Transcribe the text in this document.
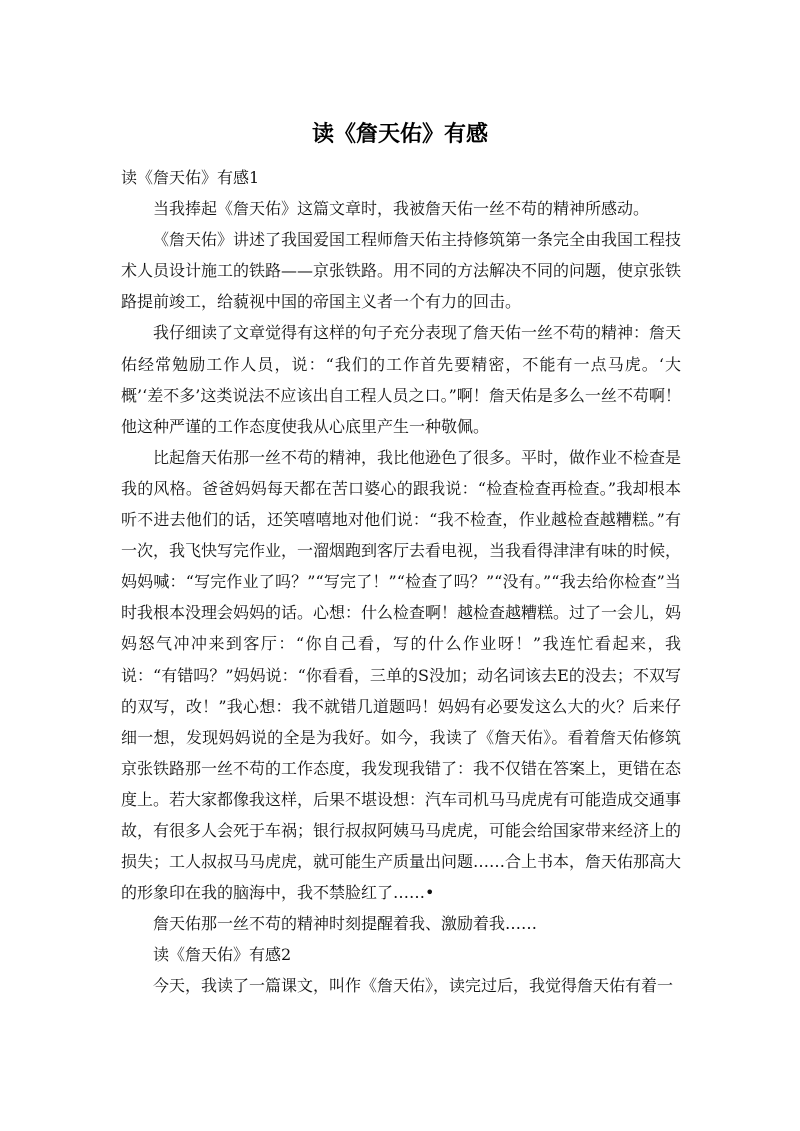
读《詹天佑》有感

读《詹天佑》有感1

当我捧起《詹天佑》这篇文章时，我被詹天佑一丝不苟的精神所感动。

《詹天佑》讲述了我国爱国工程师詹天佑主持修筑第一条完全由我国工程技术人员设计施工的铁路——京张铁路。用不同的方法解决不同的问题，使京张铁路提前竣工，给藐视中国的帝国主义者一个有力的回击。

我仔细读了文章觉得有这样的句子充分表现了詹天佑一丝不苟的精神：詹天佑经常勉励工作人员，说：“我们的工作首先要精密，不能有一点马虎。‘大概’‘差不多’这类说法不应该出自工程人员之口。”啊！詹天佑是多么一丝不苟啊！他这种严谨的工作态度使我从心底里产生一种敬佩。

比起詹天佑那一丝不苟的精神，我比他逊色了很多。平时，做作业不检查是我的风格。爸爸妈妈每天都在苦口婆心的跟我说：“检查检查再检查。”我却根本听不进去他们的话，还笑嘻嘻地对他们说：“我不检查，作业越检查越糟糕。”有一次，我飞快写完作业，一溜烟跑到客厅去看电视，当我看得津津有味的时候，妈妈喊：“写完作业了吗？”“写完了！”“检查了吗？”“没有。”“我去给你检查”当时我根本没理会妈妈的话。心想：什么检查啊！越检查越糟糕。过了一会儿，妈妈怒气冲冲来到客厅：“你自己看，写的什么作业呀！”我连忙看起来，我说：“有错吗？”妈妈说：“你看看，三单的S没加；动名词该去E的没去；不双写的双写，改！”我心想：我不就错几道题吗！妈妈有必要发这么大的火？后来仔细一想，发现妈妈说的全是为我好。如今，我读了《詹天佑》。看着詹天佑修筑京张铁路那一丝不苟的工作态度，我发现我错了：我不仅错在答案上，更错在态度上。若大家都像我这样，后果不堪设想：汽车司机马马虎虎有可能造成交通事故，有很多人会死于车祸；银行叔叔阿姨马马虎虎，可能会给国家带来经济上的损失；工人叔叔马马虎虎，就可能生产质量出问题……合上书本，詹天佑那高大的形象印在我的脑海中，我不禁脸红了……•

詹天佑那一丝不苟的精神时刻提醒着我、激励着我……

读《詹天佑》有感2

今天，我读了一篇课文，叫作《詹天佑》，读完过后，我觉得詹天佑有着一
